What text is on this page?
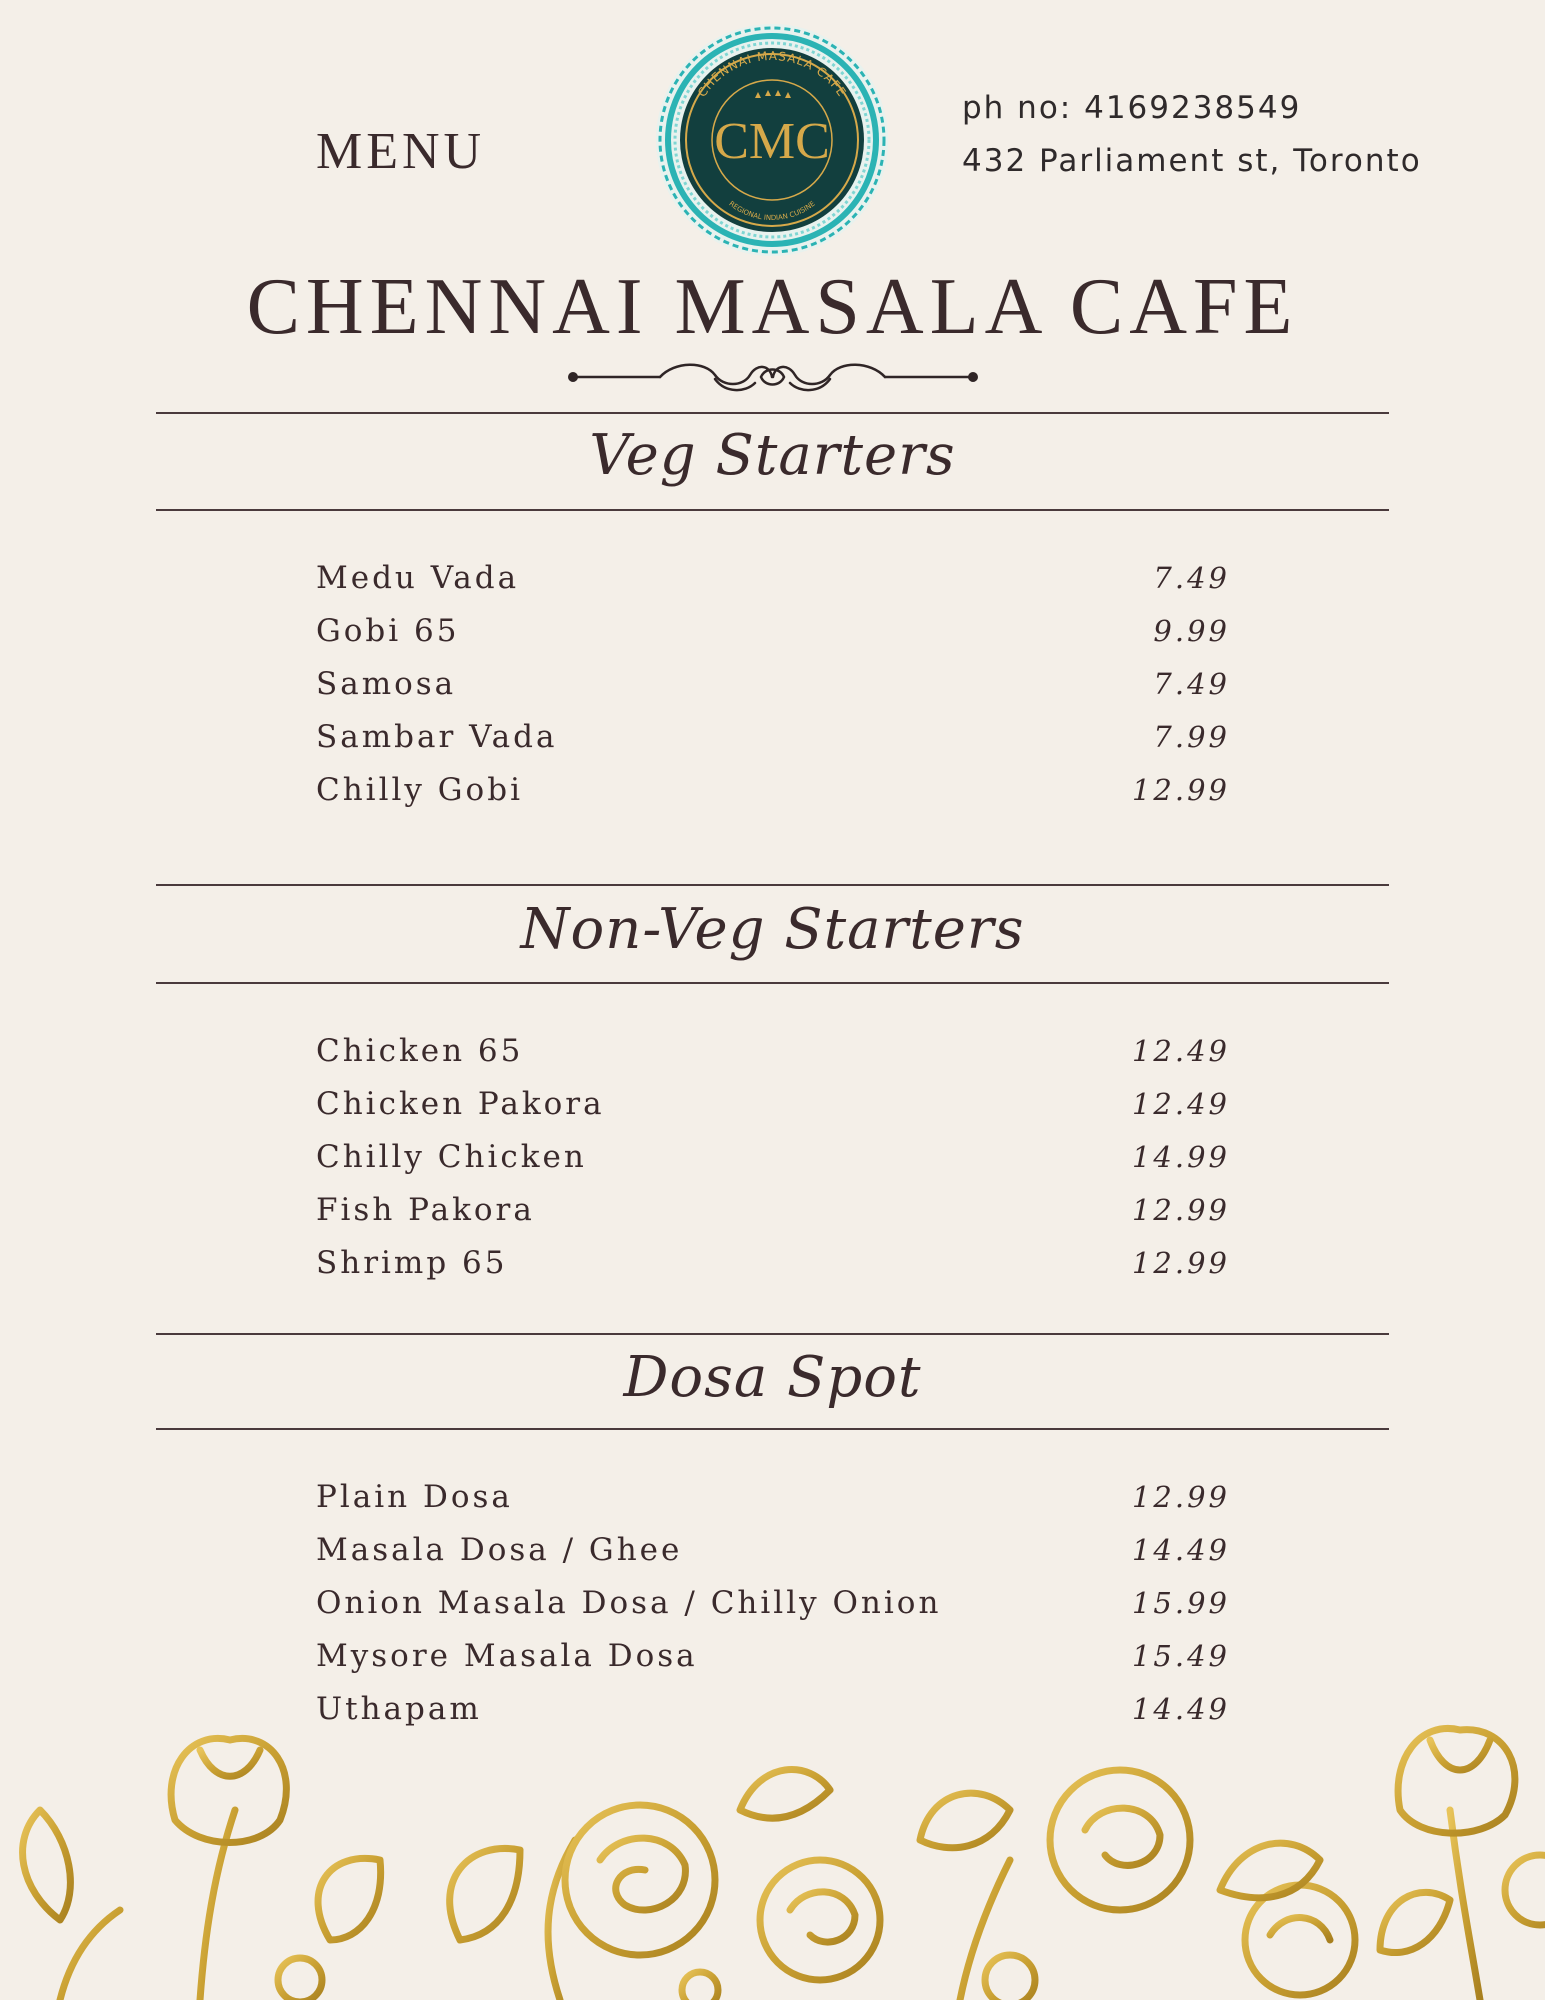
MENU
ph no: 4169238549
432 Parliament st, Toronto
CHENNAI MASALA CAFE
REGIONAL INDIAN CUISINE
CMC
CHENNAI MASALA CAFE
Veg Starters
Medu Vada	7.49
Gobi 65	9.99
Samosa	7.49
Sambar Vada	7.99
Chilly Gobi	12.99
Non-Veg Starters
Chicken 65	12.49
Chicken Pakora	12.49
Chilly Chicken	14.99
Fish Pakora	12.99
Shrimp 65	12.99
Dosa Spot
Plain Dosa	12.99
Masala Dosa / Ghee	14.49
Onion Masala Dosa / Chilly Onion	15.99
Mysore Masala Dosa	15.49
Uthapam	14.49
